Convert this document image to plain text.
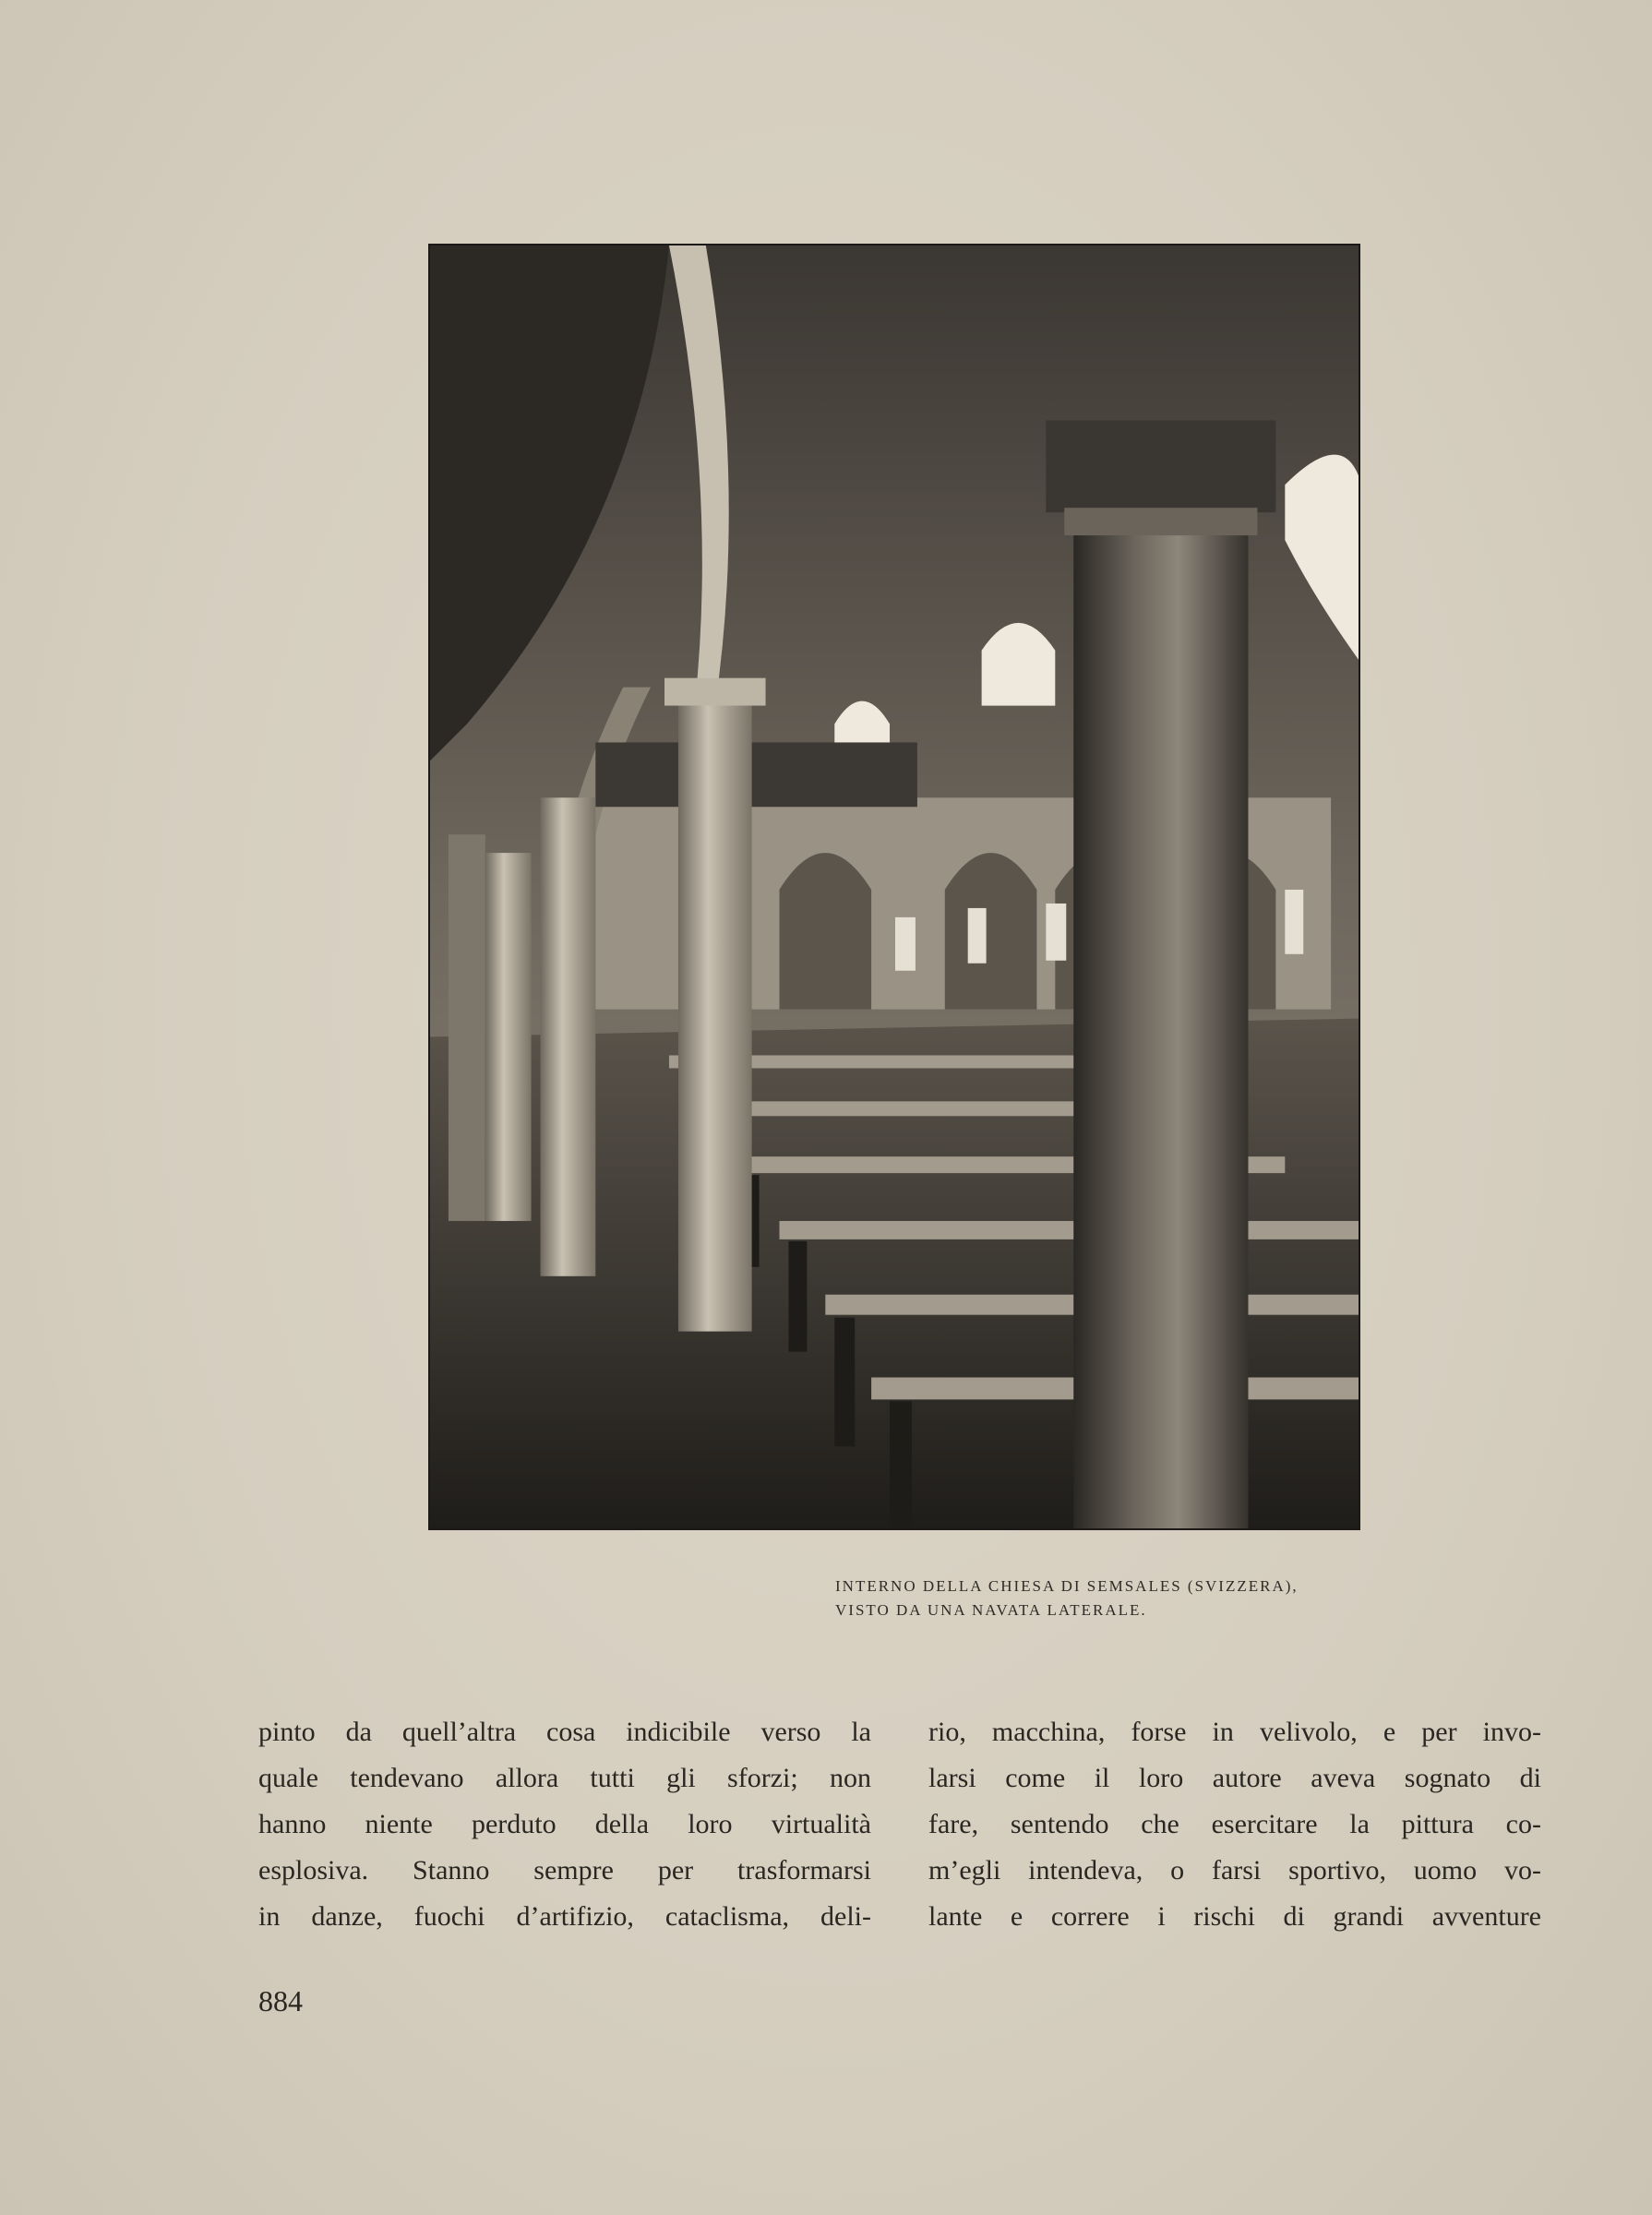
INTERNO DELLA CHIESA DI SEMSALES (SVIZZERA),
VISTO DA UNA NAVATA LATERALE.
pinto da quell’altra cosa indicibile verso la
quale tendevano allora tutti gli sforzi; non
hanno niente perduto della loro virtualità
esplosiva. Stanno sempre per trasformarsi
in danze, fuochi d’artifizio, cataclisma, deli-
rio, macchina, forse in velivolo, e per invo-
larsi come il loro autore aveva sognato di
fare, sentendo che esercitare la pittura co-
m’egli intendeva, o farsi sportivo, uomo vo-
lante e correre i rischi di grandi avventure
884
